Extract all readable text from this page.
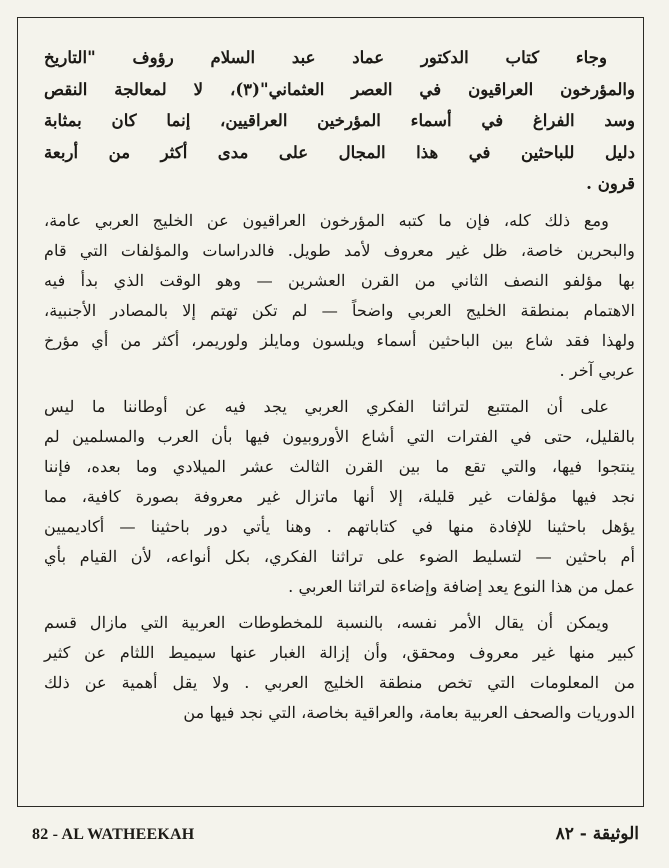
وجاء كتاب الدكتور عماد عبد السلام رؤوف "التاريخ
والمؤرخون العراقيون في العصر العثماني"(٣)، لا لمعالجة النقص
وسد الفراغ في أسماء المؤرخين العراقيين، إنما كان بمثابة
دليل للباحثين في هذا المجال على مدى أكثر من أربعة
قرون .

ومع ذلك كله، فإن ما كتبه المؤرخون العراقيون عن الخليج العربي عامة،
والبحرين خاصة، ظل غير معروف لأمد طويل. فالدراسات والمؤلفات التي قام
بها مؤلفو النصف الثاني من القرن العشرين — وهو الوقت الذي بدأ فيه
الاهتمام بمنطقة الخليج العربي واضحاً — لم تكن تهتم إلا بالمصادر الأجنبية،
ولهذا فقد شاع بين الباحثين أسماء ويلسون ومايلز ولوريمر، أكثر من أي مؤرخ
عربي آخر .

على أن المتتبع لتراثنا الفكري العربي يجد فيه عن أوطاننا ما ليس
بالقليل، حتى في الفترات التي أشاع الأوروبيون فيها بأن العرب والمسلمين لم
ينتجوا فيها، والتي تقع ما بين القرن الثالث عشر الميلادي وما بعده، فإننا
نجد فيها مؤلفات غير قليلة، إلا أنها ماتزال غير معروفة بصورة كافية، مما
يؤهل باحثينا للإفادة منها في كتاباتهم . وهنا يأتي دور باحثينا — أكاديميين
أم باحثين — لتسليط الضوء على تراثنا الفكري، بكل أنواعه، لأن القيام بأي
عمل من هذا النوع يعد إضافة وإضاءة لتراثنا العربي .

ويمكن أن يقال الأمر نفسه، بالنسبة للمخطوطات العربية التي مازال قسم
كبير منها غير معروف ومحقق، وأن إزالة الغبار عنها سيميط اللثام عن كثير
من المعلومات التي تخص منطقة الخليج العربي . ولا يقل أهمية عن ذلك
الدوريات والصحف العربية بعامة، والعراقية بخاصة، التي نجد فيها من

82 - AL WATHEEKAH	الوثيقة - ٨٢
